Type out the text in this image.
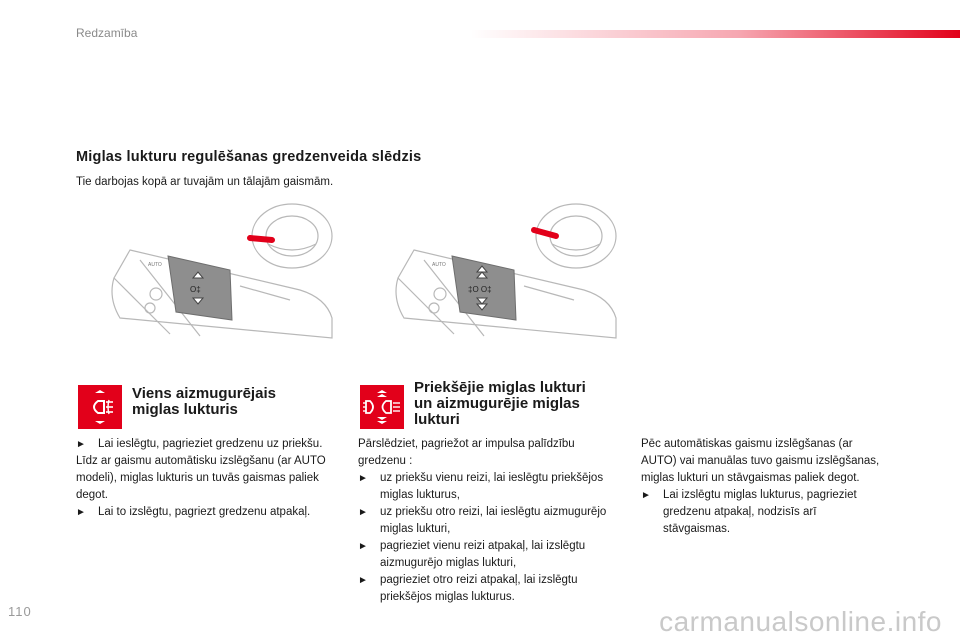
Redzamība
Miglas lukturu regulēšanas gredzenveida slēdzis
Tie darbojas kopā ar tuvajām un tālajām gaismām.
O‡
AUTO
‡O O‡
AUTO
Viens aizmugurējais
miglas lukturis
►	Lai ieslēgtu, pagrieziet gredzenu uz priekšu.

Līdz ar gaismu automātisku izslēgšanu (ar AUTO modeli), miglas lukturis un tuvās gaismas paliek degot.

►	Lai to izslēgtu, pagriezt gredzenu atpakaļ.
Priekšējie miglas lukturi
un aizmugurējie miglas
lukturi

Pārslēdziet, pagriežot ar impulsa palīdzību gredzenu :

►	uz priekšu vienu reizi, lai ieslēgtu priekšējos miglas lukturus,
►	uz priekšu otro reizi, lai ieslēgtu aizmugurējo miglas lukturi,
►	pagrieziet vienu reizi atpakaļ, lai izslēgtu aizmugurējo miglas lukturi,
►	pagrieziet otro reizi atpakaļ, lai izslēgtu priekšējos miglas lukturus.

Pēc automātiskas gaismu izslēgšanas (ar AUTO) vai manuālas tuvo gaismu izslēgšanas, miglas lukturi un stāvgaismas paliek degot.

►	Lai izslēgtu miglas lukturus, pagrieziet gredzenu atpakaļ, nodzisīs arī stāvgaismas.
110	carmanualsonline.info
